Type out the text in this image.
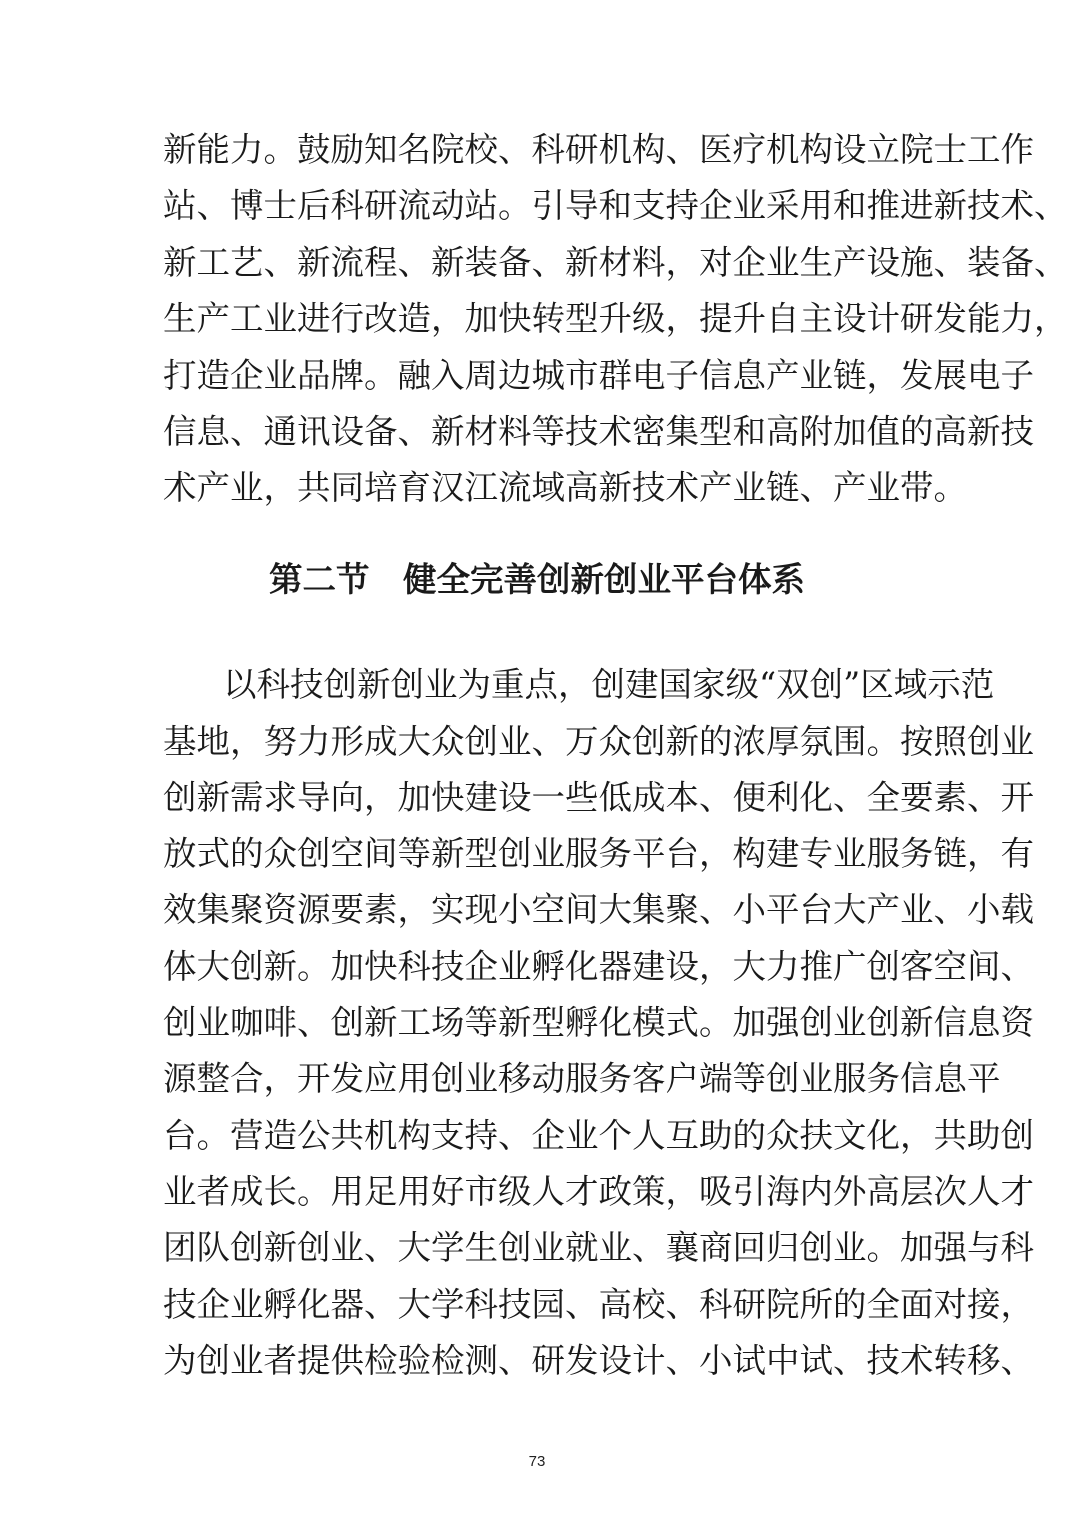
新能力。鼓励知名院校、科研机构、医疗机构设立院士工作
站、博士后科研流动站。引导和支持企业采用和推进新技术、
新工艺、新流程、新装备、新材料，对企业生产设施、装备、
生产工业进行改造，加快转型升级，提升自主设计研发能力，
打造企业品牌。融入周边城市群电子信息产业链，发展电子
信息、通讯设备、新材料等技术密集型和高附加值的高新技
术产业，共同培育汉江流域高新技术产业链、产业带。
第二节　健全完善创新创业平台体系
以科技创新创业为重点，创建国家级“双创”区域示范
基地，努力形成大众创业、万众创新的浓厚氛围。按照创业
创新需求导向，加快建设一些低成本、便利化、全要素、开
放式的众创空间等新型创业服务平台，构建专业服务链，有
效集聚资源要素，实现小空间大集聚、小平台大产业、小载
体大创新。加快科技企业孵化器建设，大力推广创客空间、
创业咖啡、创新工场等新型孵化模式。加强创业创新信息资
源整合，开发应用创业移动服务客户端等创业服务信息平
台。营造公共机构支持、企业个人互助的众扶文化，共助创
业者成长。用足用好市级人才政策，吸引海内外高层次人才
团队创新创业、大学生创业就业、襄商回归创业。加强与科
技企业孵化器、大学科技园、高校、科研院所的全面对接，
为创业者提供检验检测、研发设计、小试中试、技术转移、
73
